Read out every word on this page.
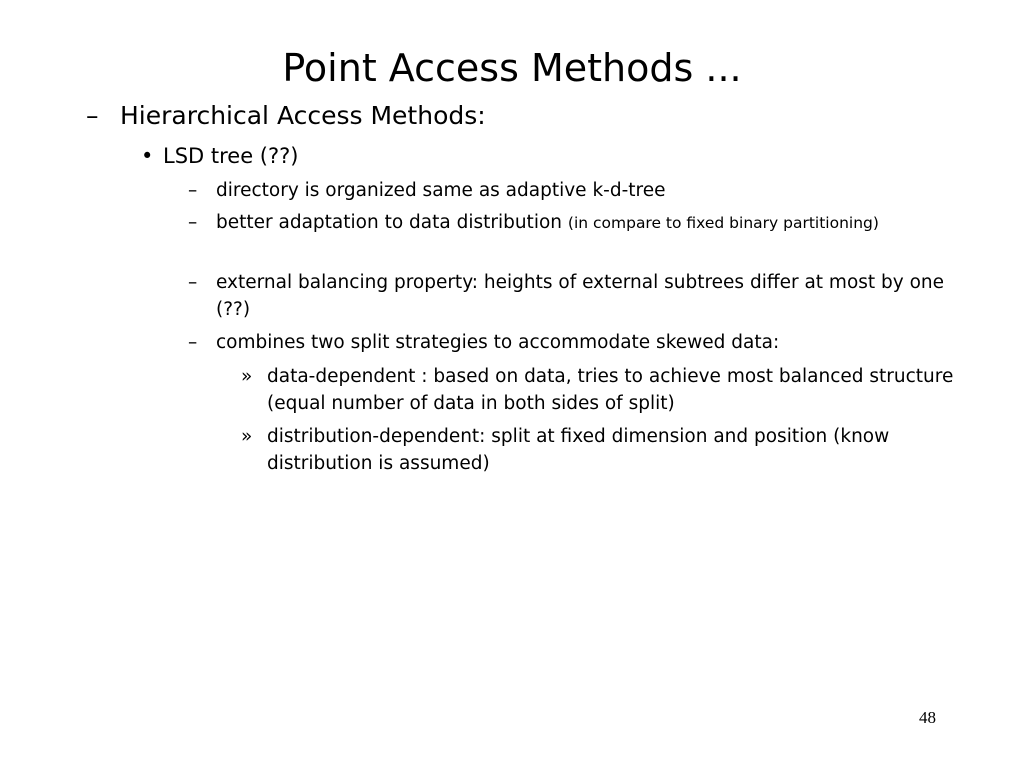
Point Access Methods ...
– Hierarchical Access Methods:
• LSD tree (??)
– directory is organized same as adaptive k-d-tree
– better adaptation to data distribution (in compare to fixed binary partitioning)
– external balancing property: heights of external subtrees differ at most by one (??)
– combines two split strategies to accommodate skewed data:
» data-dependent : based on data, tries to achieve most balanced structure (equal number of data in both sides of split)
» distribution-dependent: split at fixed dimension and position (know distribution is assumed)
48
